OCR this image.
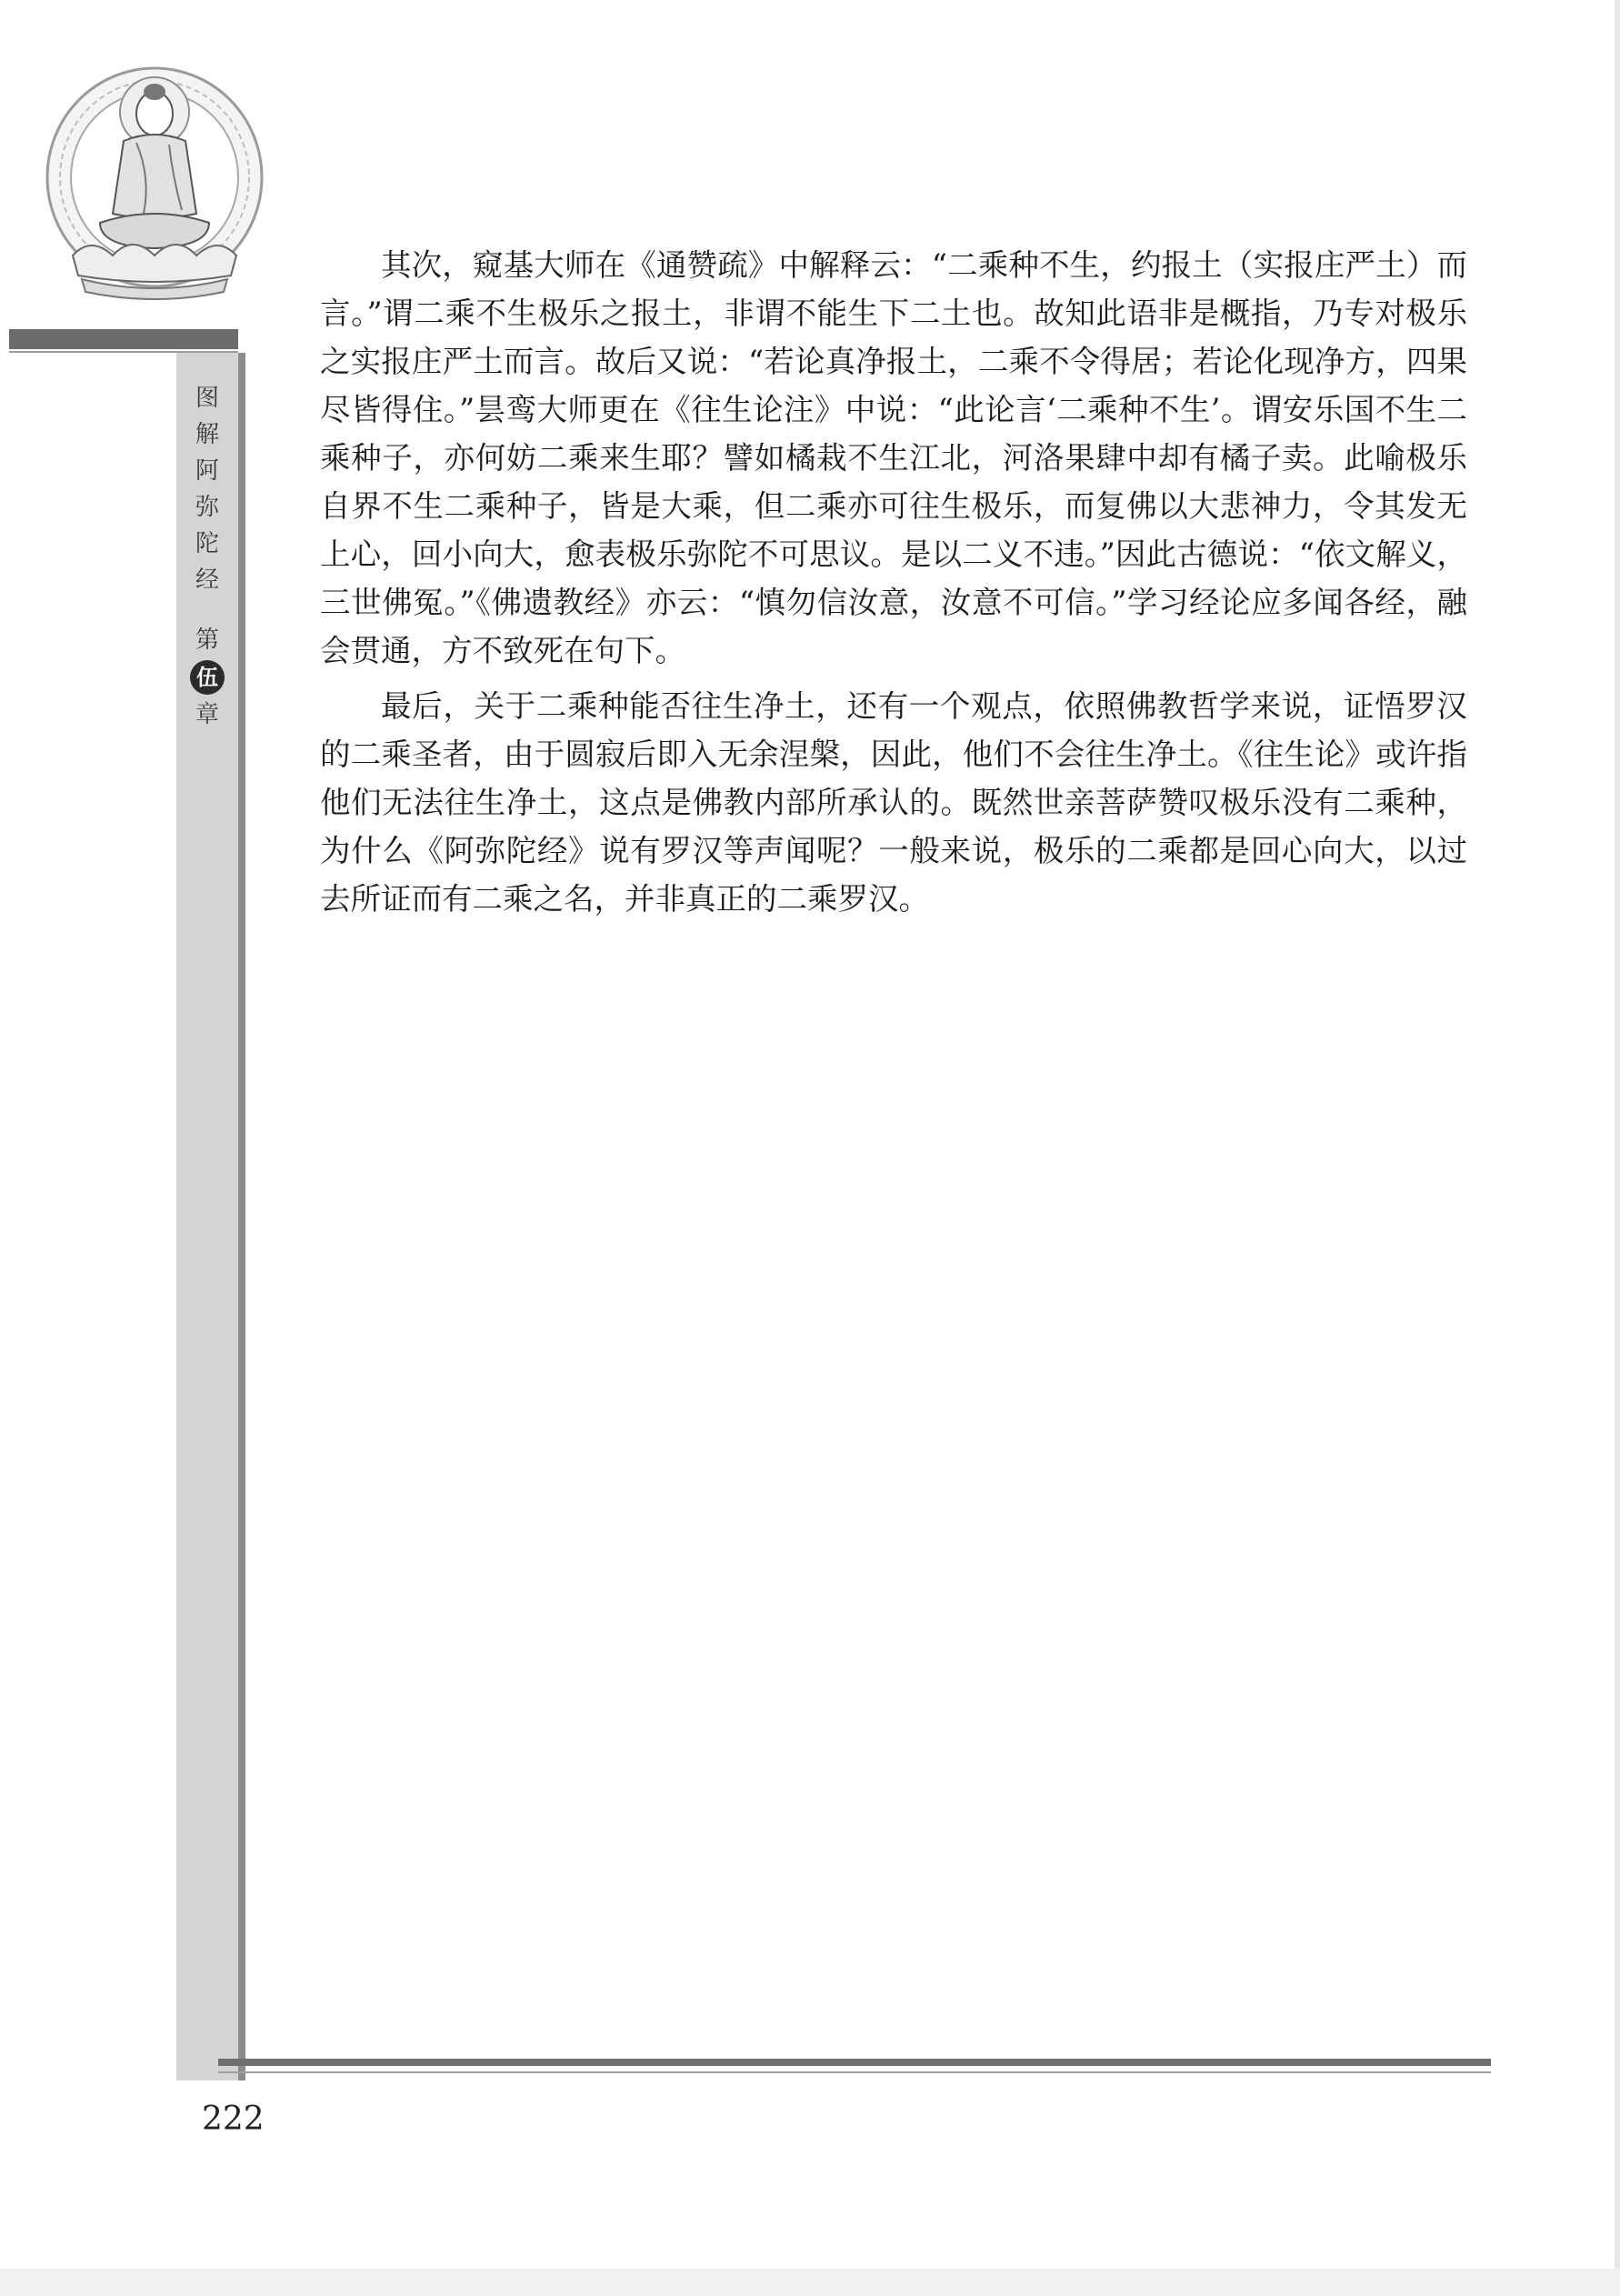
图
解
阿
弥
陀
经
第
伍
章

其次，窥基大师在《通赞疏》中解释云：“二乘种不生，约报土（实报庄严土）而言。”谓二乘不生极乐之报土，非谓不能生下二土也。故知此语非是概指，乃专对极乐之实报庄严土而言。故后又说：“若论真净报土，二乘不令得居；若论化现净方，四果尽皆得住。”昙鸾大师更在《往生论注》中说：“此论言‘二乘种不生’。谓安乐国不生二乘种子，亦何妨二乘来生耶？譬如橘栽不生江北，河洛果肆中却有橘子卖。此喻极乐自界不生二乘种子，皆是大乘，但二乘亦可往生极乐，而复佛以大悲神力，令其发无上心，回小向大，愈表极乐弥陀不可思议。是以二义不违。”因此古德说：“依文解义，三世佛冤。”《佛遗教经》亦云：“慎勿信汝意，汝意不可信。”学习经论应多闻各经，融会贯通，方不致死在句下。

最后，关于二乘种能否往生净土，还有一个观点，依照佛教哲学来说，证悟罗汉的二乘圣者，由于圆寂后即入无余涅槃，因此，他们不会往生净土。《往生论》或许指他们无法往生净土，这点是佛教内部所承认的。既然世亲菩萨赞叹极乐没有二乘种，为什么《阿弥陀经》说有罗汉等声闻呢？一般来说，极乐的二乘都是回心向大，以过去所证而有二乘之名，并非真正的二乘罗汉。

222
